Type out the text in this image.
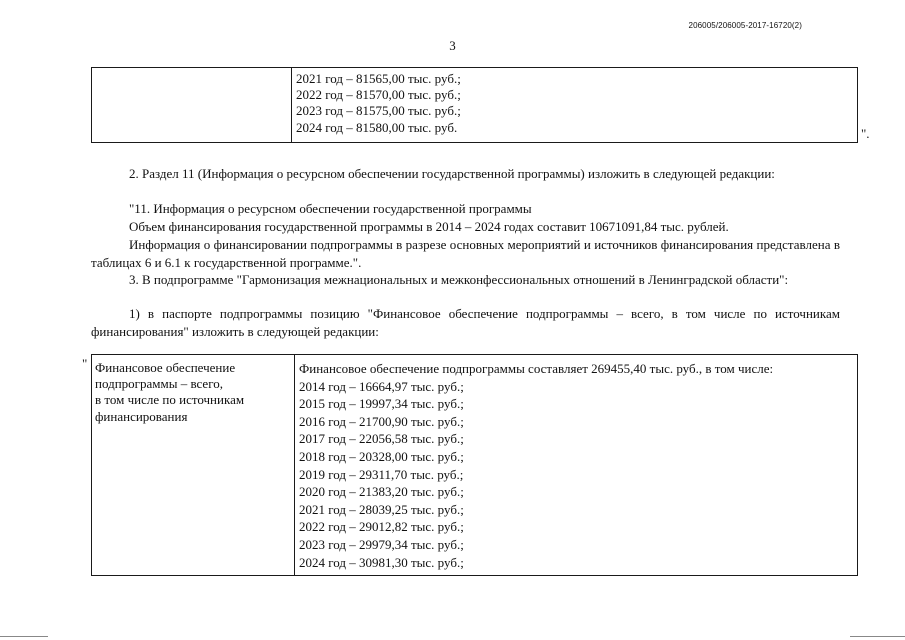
206005/206005-2017-16720(2)
3
2021 год – 81565,00 тыс. руб.;
2022 год – 81570,00 тыс. руб.;
2023 год – 81575,00 тыс. руб.;
2024 год – 81580,00 тыс. руб.	".
2. Раздел 11 (Информация о ресурсном обеспечении государственной программы) изложить в следующей редакции:
"11. Информация о ресурсном обеспечении государственной программы
Объем финансирования государственной программы в 2014 – 2024 годах составит 10671091,84 тыс. рублей.
Информация о финансировании подпрограммы в разрезе основных мероприятий и источников финансирования представлена в таблицах 6 и 6.1 к государственной программе.".
3. В подпрограмме "Гармонизация межнациональных и межконфессиональных отношений в Ленинградской области":
1) в паспорте подпрограммы позицию "Финансовое обеспечение подпрограммы – всего, в том числе по источникам финансирования" изложить в следующей редакции:
" Финансовое обеспечение
подпрограммы – всего,
в том числе по источникам
финансирования
Финансовое обеспечение подпрограммы составляет 269455,40 тыс. руб., в том числе:
2014 год – 16664,97 тыс. руб.;
2015 год – 19997,34 тыс. руб.;
2016 год – 21700,90 тыс. руб.;
2017 год – 22056,58 тыс. руб.;
2018 год – 20328,00 тыс. руб.;
2019 год – 29311,70 тыс. руб.;
2020 год – 21383,20 тыс. руб.;
2021 год – 28039,25 тыс. руб.;
2022 год – 29012,82 тыс. руб.;
2023 год – 29979,34 тыс. руб.;
2024 год – 30981,30 тыс. руб.;
